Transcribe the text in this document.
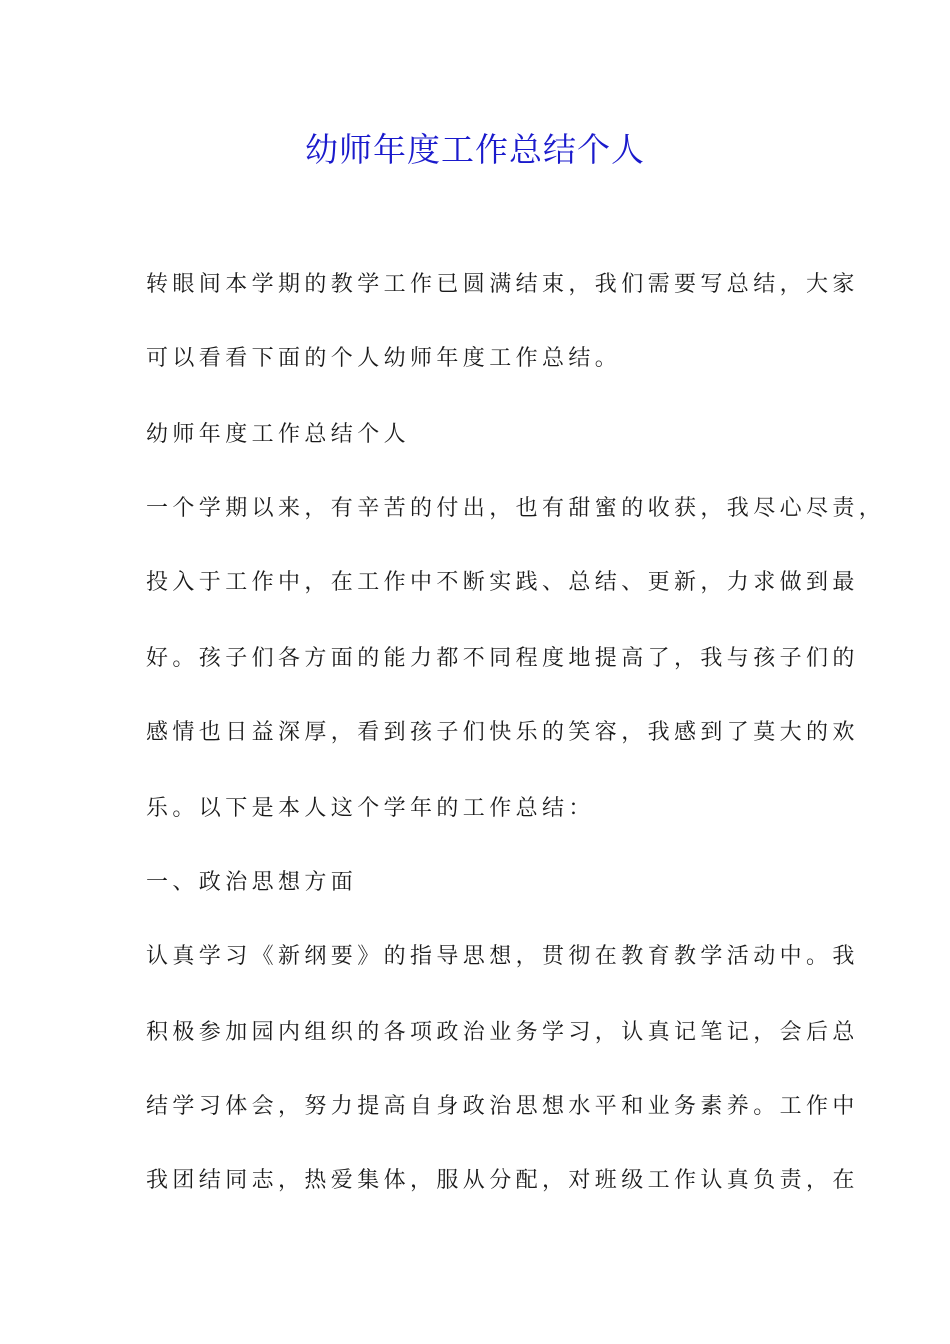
幼师年度工作总结个人

转眼间本学期的教学工作已圆满结束，我们需要写总结，大家

可以看看下面的个人幼师年度工作总结。

幼师年度工作总结个人

一个学期以来，有辛苦的付出，也有甜蜜的收获，我尽心尽责，

投入于工作中，在工作中不断实践、总结、更新，力求做到最

好。孩子们各方面的能力都不同程度地提高了，我与孩子们的

感情也日益深厚，看到孩子们快乐的笑容，我感到了莫大的欢

乐。以下是本人这个学年的工作总结：

一、政治思想方面

认真学习《新纲要》的指导思想，贯彻在教育教学活动中。我

积极参加园内组织的各项政治业务学习，认真记笔记，会后总

结学习体会，努力提高自身政治思想水平和业务素养。工作中

我团结同志，热爱集体，服从分配，对班级工作认真负责，在
